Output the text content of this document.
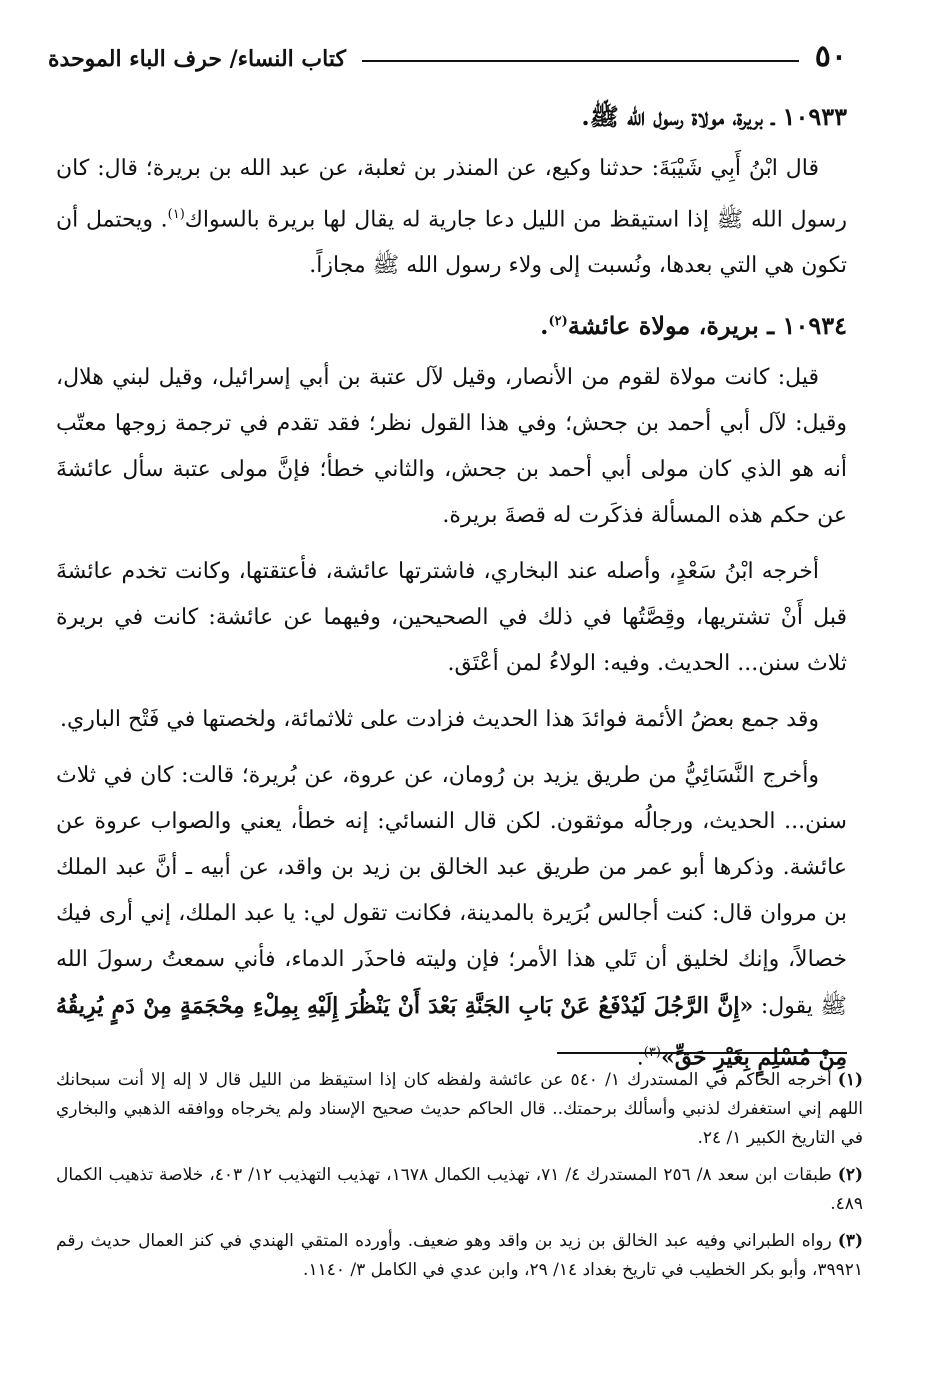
٥٠
كتاب النساء/ حرف الباء الموحدة
١٠٩٣٣ ـ بريرة، مولاة رسول الله ﷺ.

قال ابْنُ أَبِي شَيْبَةَ: حدثنا وكيع، عن المنذر بن ثعلبة، عن عبد الله بن بريرة؛ قال: كان رسول الله ﷺ إذا استيقظ من الليل دعا جارية له يقال لها بريرة بالسواك$^{(١)}$. ويحتمل أن تكون هي التي بعدها، ونُسبت إلى ولاء رسول الله ﷺ مجازاً.

١٠٩٣٤ ـ بريرة، مولاة عائشة$^{(٢)}$.

قيل: كانت مولاة لقوم من الأنصار، وقيل لآل عتبة بن أبي إسرائيل، وقيل لبني هلال، وقيل: لآل أبي أحمد بن جحش؛ وفي هذا القول نظر؛ فقد تقدم في ترجمة زوجها معتّب أنه هو الذي كان مولى أبي أحمد بن جحش، والثاني خطأ؛ فإنَّ مولى عتبة سأل عائشةَ عن حكم هذه المسألة فذكَرت له قصةَ بريرة.

أخرجه ابْنُ سَعْدٍ، وأصله عند البخاري، فاشترتها عائشة، فأعتقتها، وكانت تخدم عائشةَ قبل أَنْ تشتريها، وقِصَّتُها في ذلك في الصحيحين، وفيهما عن عائشة: كانت في بريرة ثلاث سنن... الحديث. وفيه: الولاءُ لمن أعْتَق.

وقد جمع بعضُ الأئمة فوائدَ هذا الحديث فزادت على ثلاثمائة، ولخصتها في فَتْح الباري.

وأخرج النَّسَائِيُّ من طريق يزيد بن رُومان، عن عروة، عن بُريرة؛ قالت: كان في ثلاث سنن... الحديث، ورجالُه موثقون. لكن قال النسائي: إنه خطأ، يعني والصواب عروة عن عائشة. وذكرها أبو عمر من طريق عبد الخالق بن زيد بن واقد، عن أبيه ـ أنَّ عبد الملك بن مروان قال: كنت أجالس بُرَيرة بالمدينة، فكانت تقول لي: يا عبد الملك، إني أرى فيك خصالاً، وإنك لخليق أن تَلي هذا الأمر؛ فإن وليته فاحذَر الدماء، فأني سمعتُ رسولَ الله ﷺ يقول: «إِنَّ الرَّجُلَ لَيُدْفَعُ عَنْ بَابِ الجَنَّةِ بَعْدَ أَنْ يَنْظُرَ إِلَيْهِ بِمِلْءِ مِحْجَمَةٍ مِنْ دَمٍ يُرِيقُهُ مِنْ مُسْلِمٍ بِغَيْرِ حَقٍّ»$^{(٣)}$.

(١)أخرجه الحاكم في المستدرك ١/ ٥٤٠ عن عائشة ولفظه كان إذا استيقظ من الليل قال لا إله إلا أنت سبحانك اللهم إني استغفرك لذنبي وأسألك برحمتك.. قال الحاكم حديث صحيح الإسناد ولم يخرجاه ووافقه الذهبي والبخاري في التاريخ الكبير ١/ ٢٤.

(٢)طبقات ابن سعد ٨/ ٢٥٦ المستدرك ٤/ ٧١، تهذيب الكمال ١٦٧٨، تهذيب التهذيب ١٢/ ٤٠٣، خلاصة تذهيب الكمال ٤٨٩.

(٣)رواه الطبراني وفيه عبد الخالق بن زيد بن واقد وهو ضعيف. وأورده المتقي الهندي في كنز العمال حديث رقم ٣٩٩٢١، وأبو بكر الخطيب في تاريخ بغداد ١٤/ ٢٩، وابن عدي في الكامل ٣/ ١١٤٠.
